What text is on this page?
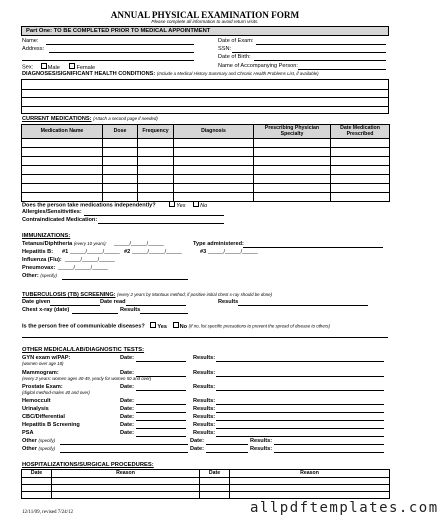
ANNUAL PHYSICAL EXAMINATION FORM
Please complete all information to avoid return visits.
Part One: TO BE COMPLETED PRIOR TO MEDICAL APPOINTMENT
Name:
Address:
Sex:	Male	Female
Date of Exam:
SSN:
Date of Birth:
Name of Accompanying Person:
DIAGNOSES/SIGNIFICANT HEALTH CONDITIONS: (Include a Medical History Summary and Chronic Health Problems List, if available)
CURRENT MEDICATIONS: (Attach a second page if needed)
Medication Name	Dose	Frequency	Diagnosis	Prescribing Physician Specialty	Date Medication Prescribed

Does the person take medications independently?	Yes	No
Allergies/Sensitivities:
Contraindicated Medication:
IMMUNIZATIONS:
Tetanus/Diphtheria (every 10 years): _____/_____/_____	Type administered:
Hepatitis B: #1 _____/_____/_____ #2 _____/_____/_____	#3 _____/_____/_____
Influenza (Flu): _____/_____/_____
Pneumovax: _____/_____/_____
Other: (specify)
TUBERCULOSIS (TB) SCREENING: (every 2 years by Mantoux method; if positive initial chest x-ray should be done)
Date given	Date read	Results
Chest x-ray (date)	Results
Is the person free of communicable diseases? Yes No (If no, list specific precautions to prevent the spread of disease to others)
OTHER MEDICAL/LAB/DIAGNOSTIC TESTS:
GYN exam w/PAP:
(women over age 18)
Date:	Results:
Mammogram:
(every 2 years: women ages 40-49, yearly for women 50 and over)
Date:	Results:
Prostate Exam:
(digital method-males 40 and over)
Date:	Results:
Hemoccult	Date:	Results:
Urinalysis	Date:	Results:
CBC/Differential	Date:	Results:
Hepatitis B Screening	Date:	Results:
PSA	Date:	Results:
Other (specify)	Date:	Results:
Other (specify)	Date:	Results:
HOSPITALIZATIONS/SURGICAL PROCEDURES:
Date	Reason	Date	Reason

12/11/09, revised 7/24/12	allpdftemplates.com
